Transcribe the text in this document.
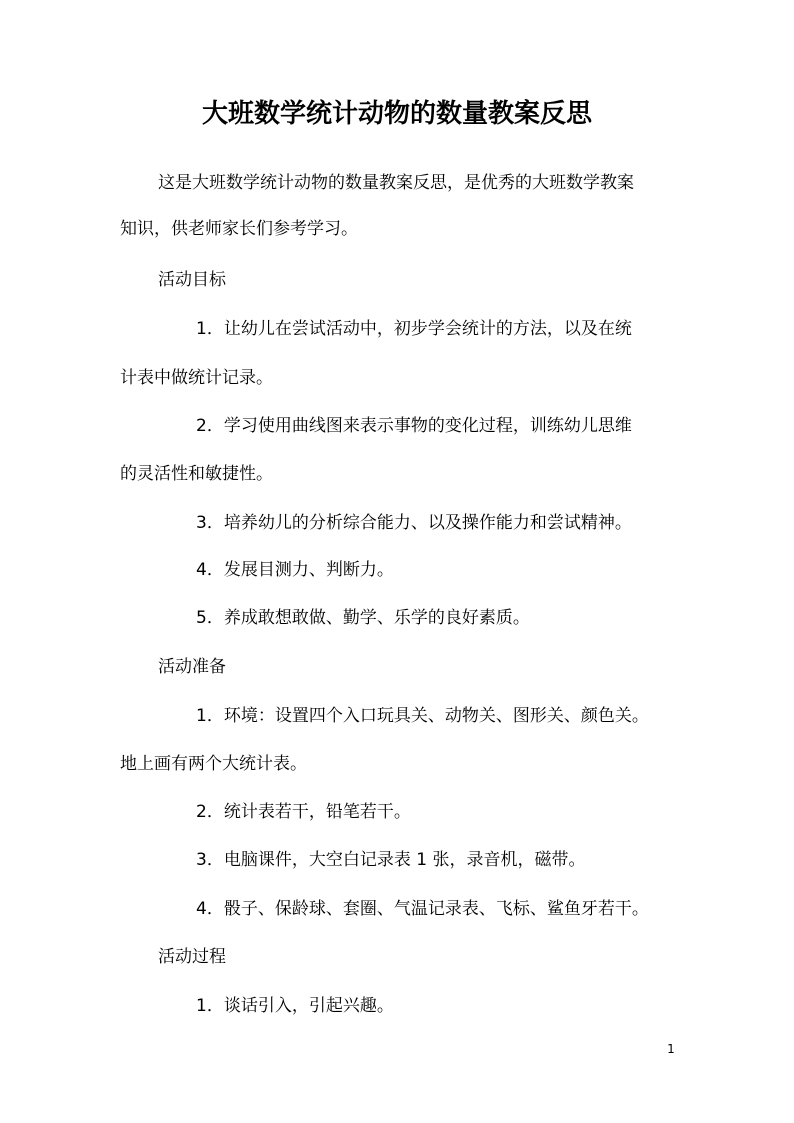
大班数学统计动物的数量教案反思
这是大班数学统计动物的数量教案反思，是优秀的大班数学教案
知识，供老师家长们参考学习。
活动目标
1．让幼儿在尝试活动中，初步学会统计的方法，以及在统
计表中做统计记录。
2．学习使用曲线图来表示事物的变化过程，训练幼儿思维
的灵活性和敏捷性。
3．培养幼儿的分析综合能力、以及操作能力和尝试精神。
4．发展目测力、判断力。
5．养成敢想敢做、勤学、乐学的良好素质。
活动准备
1．环境：设置四个入口玩具关、动物关、图形关、颜色关。
地上画有两个大统计表。
2．统计表若干，铅笔若干。
3．电脑课件，大空白记录表 1 张，录音机，磁带。
4．骰子、保龄球、套圈、气温记录表、飞标、鲨鱼牙若干。
活动过程
1．谈话引入，引起兴趣。
1
